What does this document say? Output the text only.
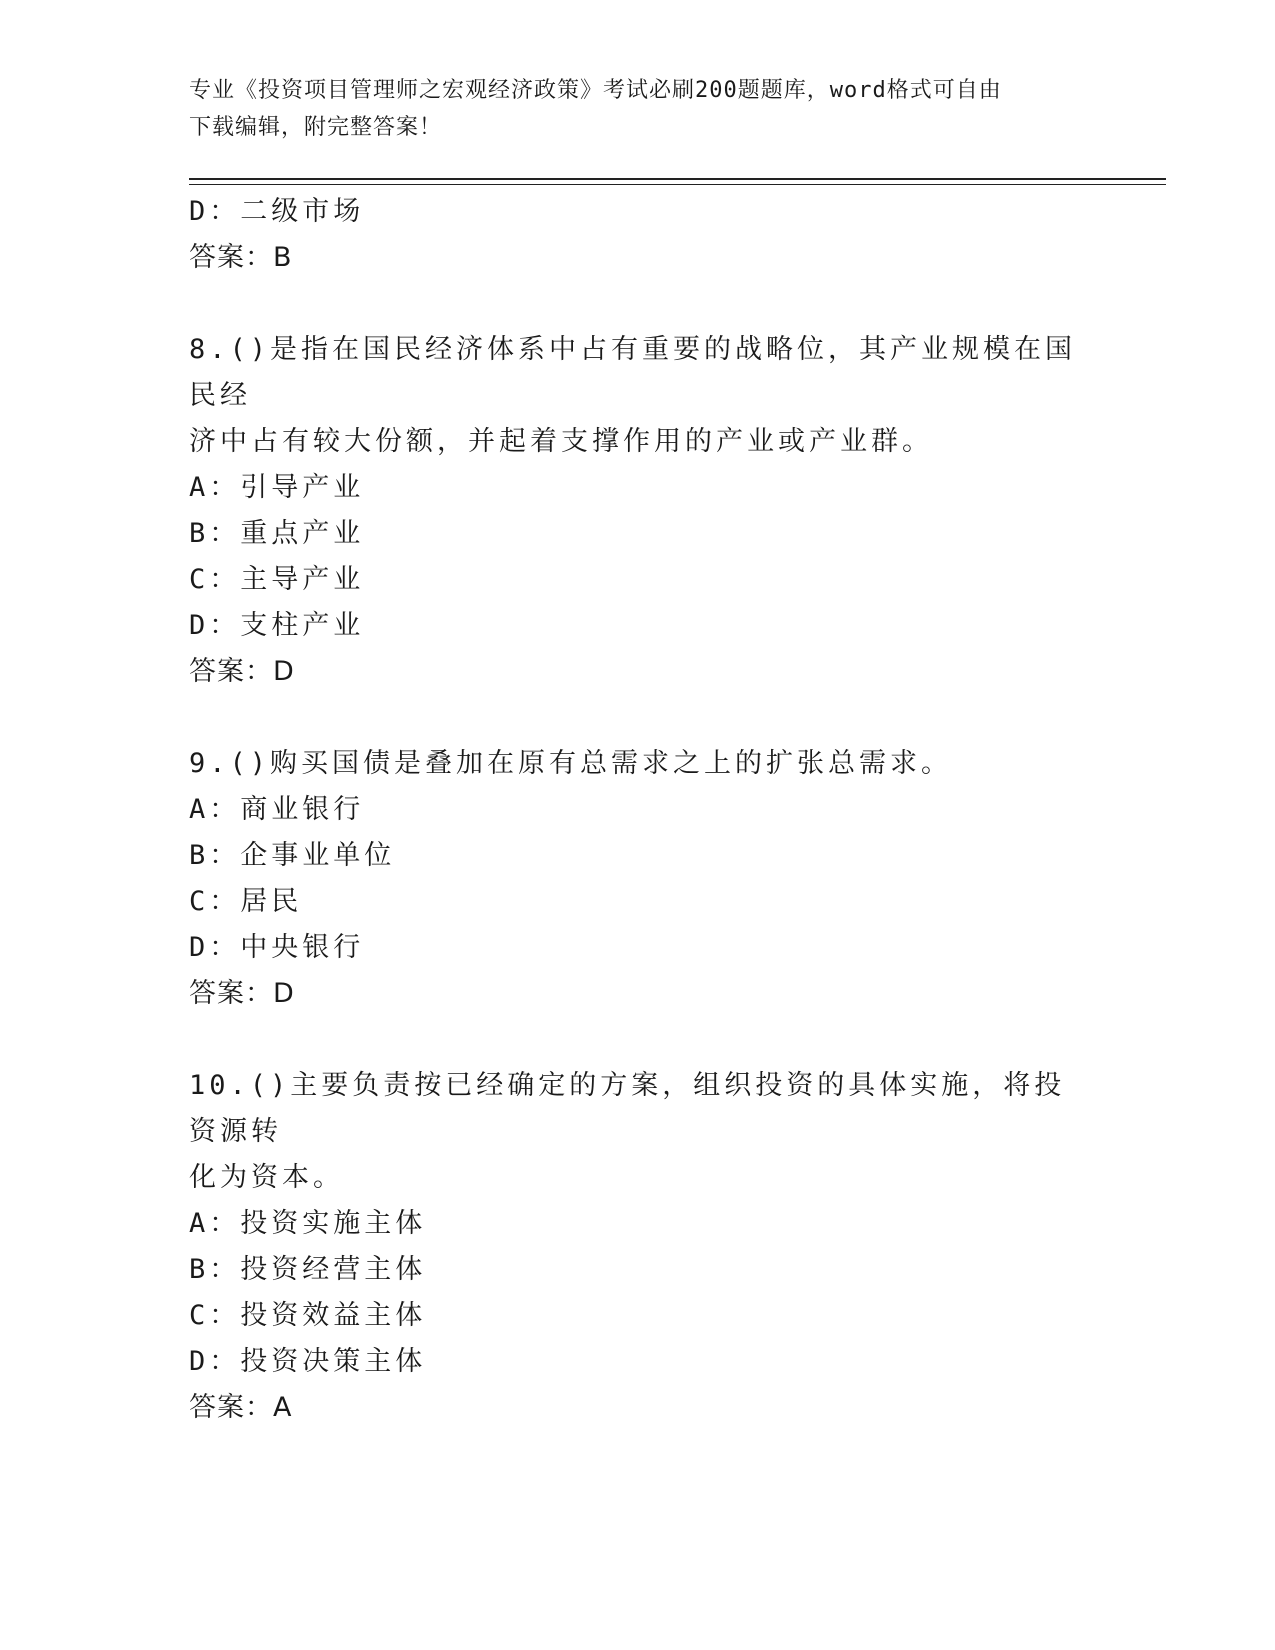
专业《投资项目管理师之宏观经济政策》考试必刷200题题库，word格式可自由
下载编辑，附完整答案！
D：二级市场
答案：B
8.()是指在国民经济体系中占有重要的战略位，其产业规模在国民经
济中占有较大份额，并起着支撑作用的产业或产业群。
A：引导产业
B：重点产业
C：主导产业
D：支柱产业
答案：D
9.()购买国债是叠加在原有总需求之上的扩张总需求。
A：商业银行
B：企事业单位
C：居民
D：中央银行
答案：D
10.()主要负责按已经确定的方案，组织投资的具体实施，将投资源转
化为资本。
A：投资实施主体
B：投资经营主体
C：投资效益主体
D：投资决策主体
答案：A
